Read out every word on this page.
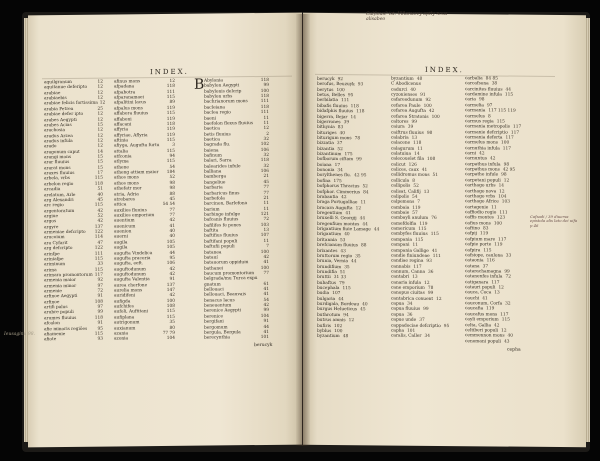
INDEX.
aquilgranum	12
aquitanue deferipto	12
arabiae	12
arabiaebis	12
arabiae felicis fortissima 12
arabia Petrea	25
arabiae defer ipto	12
arabes Aegypti	12
arabes Acias	15
arachosia	12
aradus Arzea	12
aradus infula	12
arado	12
aragonum caput	14
arangi mons	15
arar fluuius	15
ararat mons	15
araxes fluuius	17
arbela, vrbs	115
arbelon regio	118
arcadia	51
arelatum, Arle	40
arg Alexandri	45
arc regio	115
argentoratum	42
argiue	52
argos	42
argyre	137
armeniae defcripto	122
arucoium	114
ara Cyfarit	47
arg defcripto	122
arinfpe	111
ariniafpe	115
ariminum	33
arima	115
arimara promontorum 117
armenia maior	92
armenia minor	97
armenie	72
arfinoe Aegypti	91
arfinoe	108
artifi palus	97
arubre populi	99
arumes fluuius	118
afcalon	91
afie minoris regiões	95
afiamenie	115
afiote	93
afinus mons	12
afpadana	118
afpabotra	111
afparanamaei	115
afpalitini lacus	89
afpalus mons	119
affabora fluuius	115
affaboni	119
affacani	118
affyria	119
affyriae, Aflyria	119
aftinia	115
afiyga, Augufta furtu	3
attalia	115
atfconia	94
atlyma	115
athene	54
atheng attiam maior	184
athos mons	52
athos mons	98
athefatr mor	98
atria, Adria	88
atrebares	45
attica	54 54
auxilios fluuius	77
auxilios emporium	77
auentium	42
auenicum	41
auenion	40
auerni	40
augila	105
augila	105
augufta Vindelica	44
augufta pracoria	95
augufta, eeft.	106
auguftodunum	42
auguftodunum	42
augufta Valentia	91
aurea cherfone	137
aurelia mons	147
auridifeni	42
aufigda	100
aufchifes	108
aufoli, Auftitani	115
aufiplana	115
autrigonum	35
auxianum	80
azania	77 79
azonia	104
Abylonia	118
babylon Aegypti	99
babylonis delcrip	100
babylon urbs	118
bachrianorum mons	111
bacleiana	118
baclea regio	111
baeni	11
baefolon flexus fluuius	11
baetica	12
betis fluuius	2
baetica	32
bagrada flu.	102
baiena	106
bafinum	32
balari, Sarra	118
balearides infule	32
balliana	106
bamberga	21
bangeliue	45
barbaria	77
barbaricus finus	77
barbefola	21
barcinon, Barlefona	11
barium	11
barbinge infulge	121
bafcanis fluuius	72
bafilifes fe pones	103
baftita	13
baftifius fluuius	107
baftifani populi	11
baftufii populi	7
batanea	100
batauí	42
batauorum oppidum	41
bathanei	100
baucum promontorium	77
belgrada/mu Turca expu
gnatum	61
bellouaci	41
bellouaci, Beauvais	41
benacus lacus	54
beneuentum	42
berenice Aegypti	99
berenice	104
bergifani	91
bergomum	44
bergula, Bergula	41
berecynthia	101
B
berucyk
Ieusaginu 98.
INDEX.
berucyk 92
berofus, Beuzuyk 93
berytus 100
betus, Belles 95
berbilatia 111
bibafis fluuius 118
bidafphis fluuius 118
bigerra, Bejar 14
bigerrones 39
bithynia 83
bituriges 40
biturigum mons 78
bizzatia 37
bizantia 52
bizantinum 175
bofborum ciftam 99
boiana 17
bononia 34
borylthenes flu. 42 95
bofina 175
bofphorus Thracius 52
bofphor. Cimmerius 84
brabantia 42
braga Portugalliae 11
bracara Augufta 12
bregentium 41
bruxelli S. Georgij 44
bregenfium montes 44
brigantium fiuie Lamage 44
brigantium 40
britannia 53
brefcianum fluuius 88
brixantes 43
bruttorum regio 35
brunia, Vernia 44
brundifium 35
brundifia 51
bruttii 31 33
bubaftus 79
bucephala 115
budia 107
bulgaria 44
burdigala, Bordeau 40
burgus Helueticus 45
buthrotum 94
butrus amnis 12
bufiris 102
byblus 100
byzantium 48
byzantium 48
C Abodicenus
cadurci 40
cyzonienses 91
cafareodunum 92
cefarea Paule 100
cefarea Augufta 42
cefarea Stratonis 100
caltores 99
caiura 39
caiftrus fluuius 98
calabria 13
calacene 118
calagurum 11
calatuiua 14
calecouelet fila 108
calicut 126
calices, caux 41
callidromus mons 51
callicula 8
callipolis 52
calisat, Califij 13
calipolis 54
calpemons 7
cambaia 119
cambaie 57
cambayli anulum 76
camefdolfia 119
camericum 115
cambyfes fluuius 115
campania 115
campani 11
campania Gallige 41
candie finiundeae 111
candiae regina 93
cannabis 117
cannum, Canna 36
cantabri 13
canaria infula 12
cane emporium 78
canopus ciuitas 99
cantabrica conuent 12
capua 34
capua fluuius 99
capua 36
capue unde 37
cappadociae defcriptio 95
capha 101
caralis, Caller 34
carbalia 84 85
carcafsona 38
carcinites fluuius 44
cardamine infula 115
caria 98
carmelia 97
carmania 117 115 119
carmelus 8
carmus regia 115
carmania metropolis 117
carmanie defcriptio 117
carmania deferta 117
carmelus mons 100
carnuthia infula 117
carni 42
carnuntus 42
carpathus infula 98
carpathus mons 42 95
carpathe infule 98
carpetani populi 12
carthago urbs 14
carthago nova 12
carthago vrbs 104
carthago Africe 103
cartagenie 11
caffiodio regio 111
caffis montes 123
cafius mons 100
caftino 83
cafpij 119
cafpium mare 117
cafpie porte 119
cafpira 115
cafsiope, caulona 33
cataonia 116
catana 37
catarachamagna 99
catanenfes infula 72
catiganara 117
catauri populi 12
cauca, Coca 13
cauchi 41
cauconum, Corfa 32
caucafia 119
caucafus mons 117
cayli emporium 115
celta, Gallia 42
celtiberi populi 12
cemmennon mons 40
cenomani populi 43
cepha
Calfinus? ist. Villanuovy aptly nous alisabeo
Cafsadi / 39 diuersa epistola alis lato dei uifa p 46
